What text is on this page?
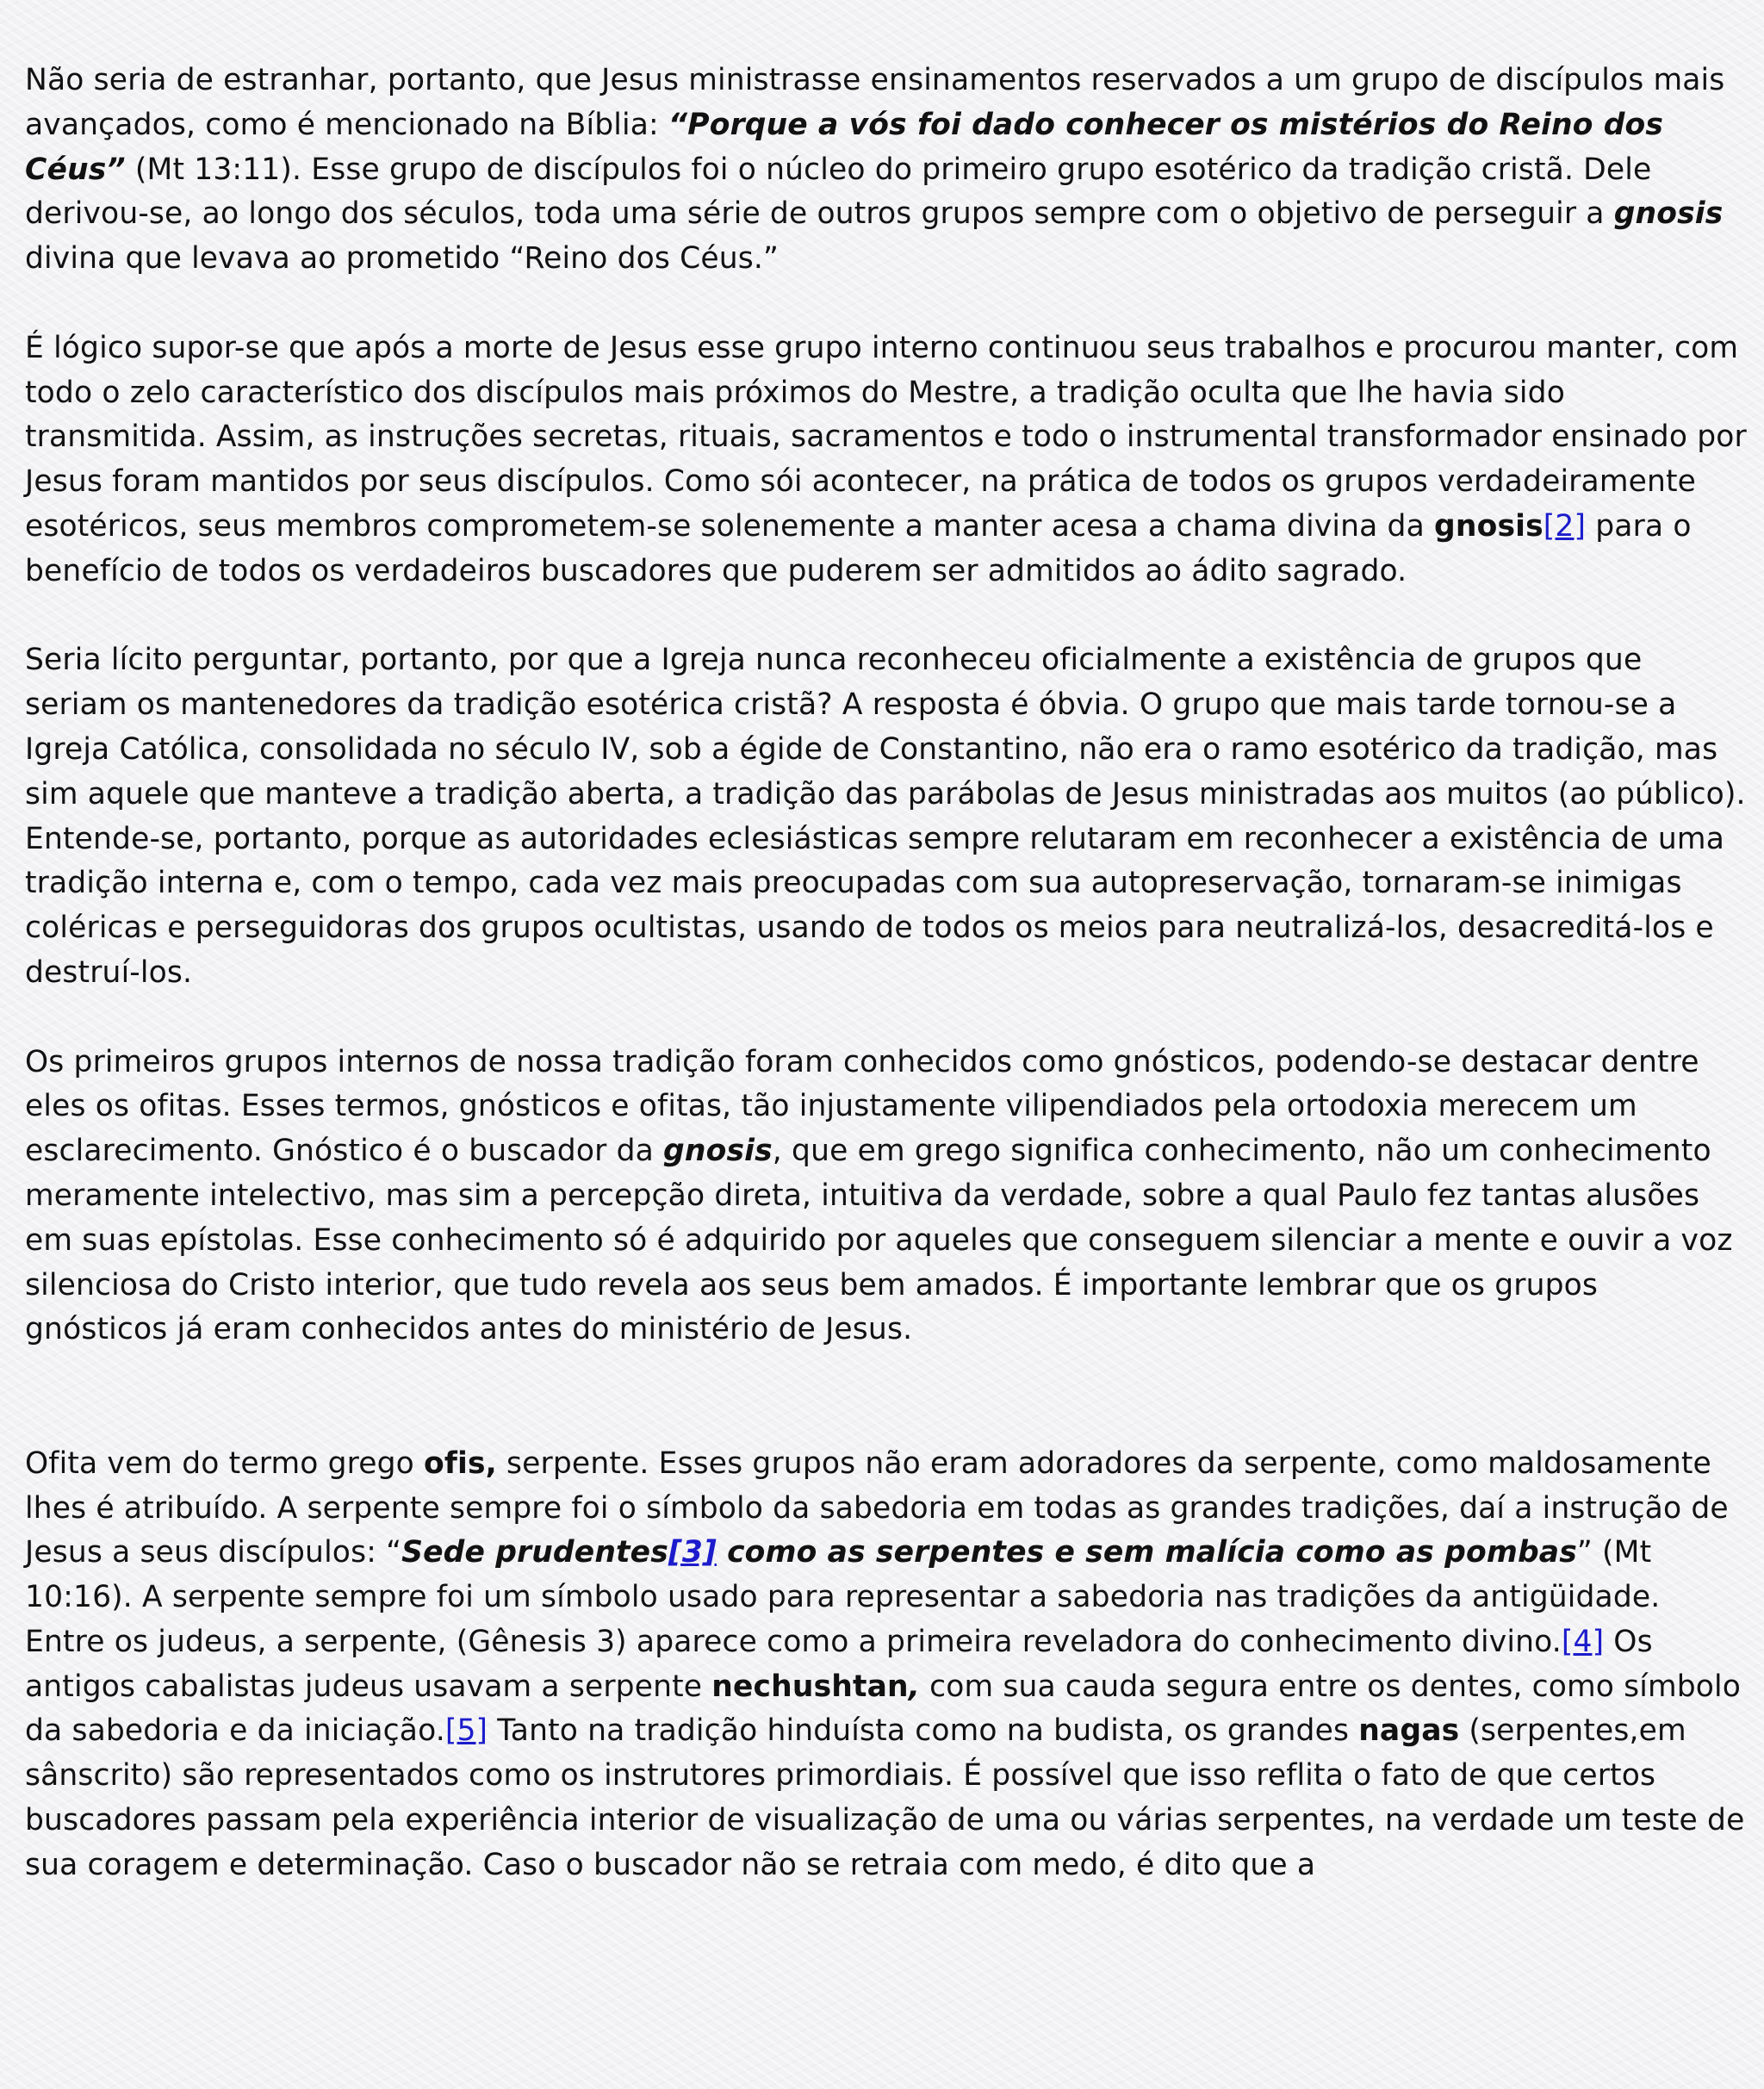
Não seria de estranhar, portanto, que Jesus ministrasse ensinamentos reservados a um grupo de discípulos mais avançados, como é mencionado na Bíblia: “Porque a vós foi dado conhecer os mistérios do Reino dos Céus” (Mt 13:11). Esse grupo de discípulos foi o núcleo do primeiro grupo esotérico da tradição cristã. Dele derivou-se, ao longo dos séculos, toda uma série de outros grupos sempre com o objetivo de perseguir a gnosis divina que levava ao prometido “Reino dos Céus.”

É lógico supor-se que após a morte de Jesus esse grupo interno continuou seus trabalhos e procurou manter, com todo o zelo característico dos discípulos mais próximos do Mestre, a tradição oculta que lhe havia sido transmitida. Assim, as instruções secretas, rituais, sacramentos e todo o instrumental transformador ensinado por Jesus foram mantidos por seus discípulos. Como sói acontecer, na prática de todos os grupos verdadeiramente esotéricos, seus membros comprometem-se solenemente a manter acesa a chama divina da gnosis[2] para o benefício de todos os verdadeiros buscadores que puderem ser admitidos ao ádito sagrado.

Seria lícito perguntar, portanto, por que a Igreja nunca reconheceu oficialmente a existência de grupos que seriam os mantenedores da tradição esotérica cristã? A resposta é óbvia. O grupo que mais tarde tornou-se a Igreja Católica, consolidada no século IV, sob a égide de Constantino, não era o ramo esotérico da tradição, mas sim aquele que manteve a tradição aberta, a tradição das parábolas de Jesus ministradas aos muitos (ao público). Entende-se, portanto, porque as autoridades eclesiásticas sempre relutaram em reconhecer a existência de uma tradição interna e, com o tempo, cada vez mais preocupadas com sua autopreservação, tornaram-se inimigas coléricas e perseguidoras dos grupos ocultistas, usando de todos os meios para neutralizá-los, desacreditá-los e destruí-los.

Os primeiros grupos internos de nossa tradição foram conhecidos como gnósticos, podendo-se destacar dentre eles os ofitas. Esses termos, gnósticos e ofitas, tão injustamente vilipendiados pela ortodoxia merecem um esclarecimento. Gnóstico é o buscador da gnosis, que em grego significa conhecimento, não um conhecimento meramente intelectivo, mas sim a percepção direta, intuitiva da verdade, sobre a qual Paulo fez tantas alusões em suas epístolas. Esse conhecimento só é adquirido por aqueles que conseguem silenciar a mente e ouvir a voz silenciosa do Cristo interior, que tudo revela aos seus bem amados. É importante lembrar que os grupos gnósticos já eram conhecidos antes do ministério de Jesus.

Ofita vem do termo grego ofis, serpente. Esses grupos não eram adoradores da serpente, como maldosamente lhes é atribuído. A serpente sempre foi o símbolo da sabedoria em todas as grandes tradições, daí a instrução de Jesus a seus discípulos: “Sede prudentes[3] como as serpentes e sem malícia como as pombas” (Mt 10:16). A serpente sempre foi um símbolo usado para representar a sabedoria nas tradições da antigüidade. Entre os judeus, a serpente, (Gênesis 3) aparece como a primeira reveladora do conhecimento divino.[4] Os antigos cabalistas judeus usavam a serpente nechushtan, com sua cauda segura entre os dentes, como símbolo da sabedoria e da iniciação.[5] Tanto na tradição hinduísta como na budista, os grandes nagas (serpentes,em sânscrito) são representados como os instrutores primordiais. É possível que isso reflita o fato de que certos buscadores passam pela experiência interior de visualização de uma ou várias serpentes, na verdade um teste de sua coragem e determinação. Caso o buscador não se retraia com medo, é dito que a
